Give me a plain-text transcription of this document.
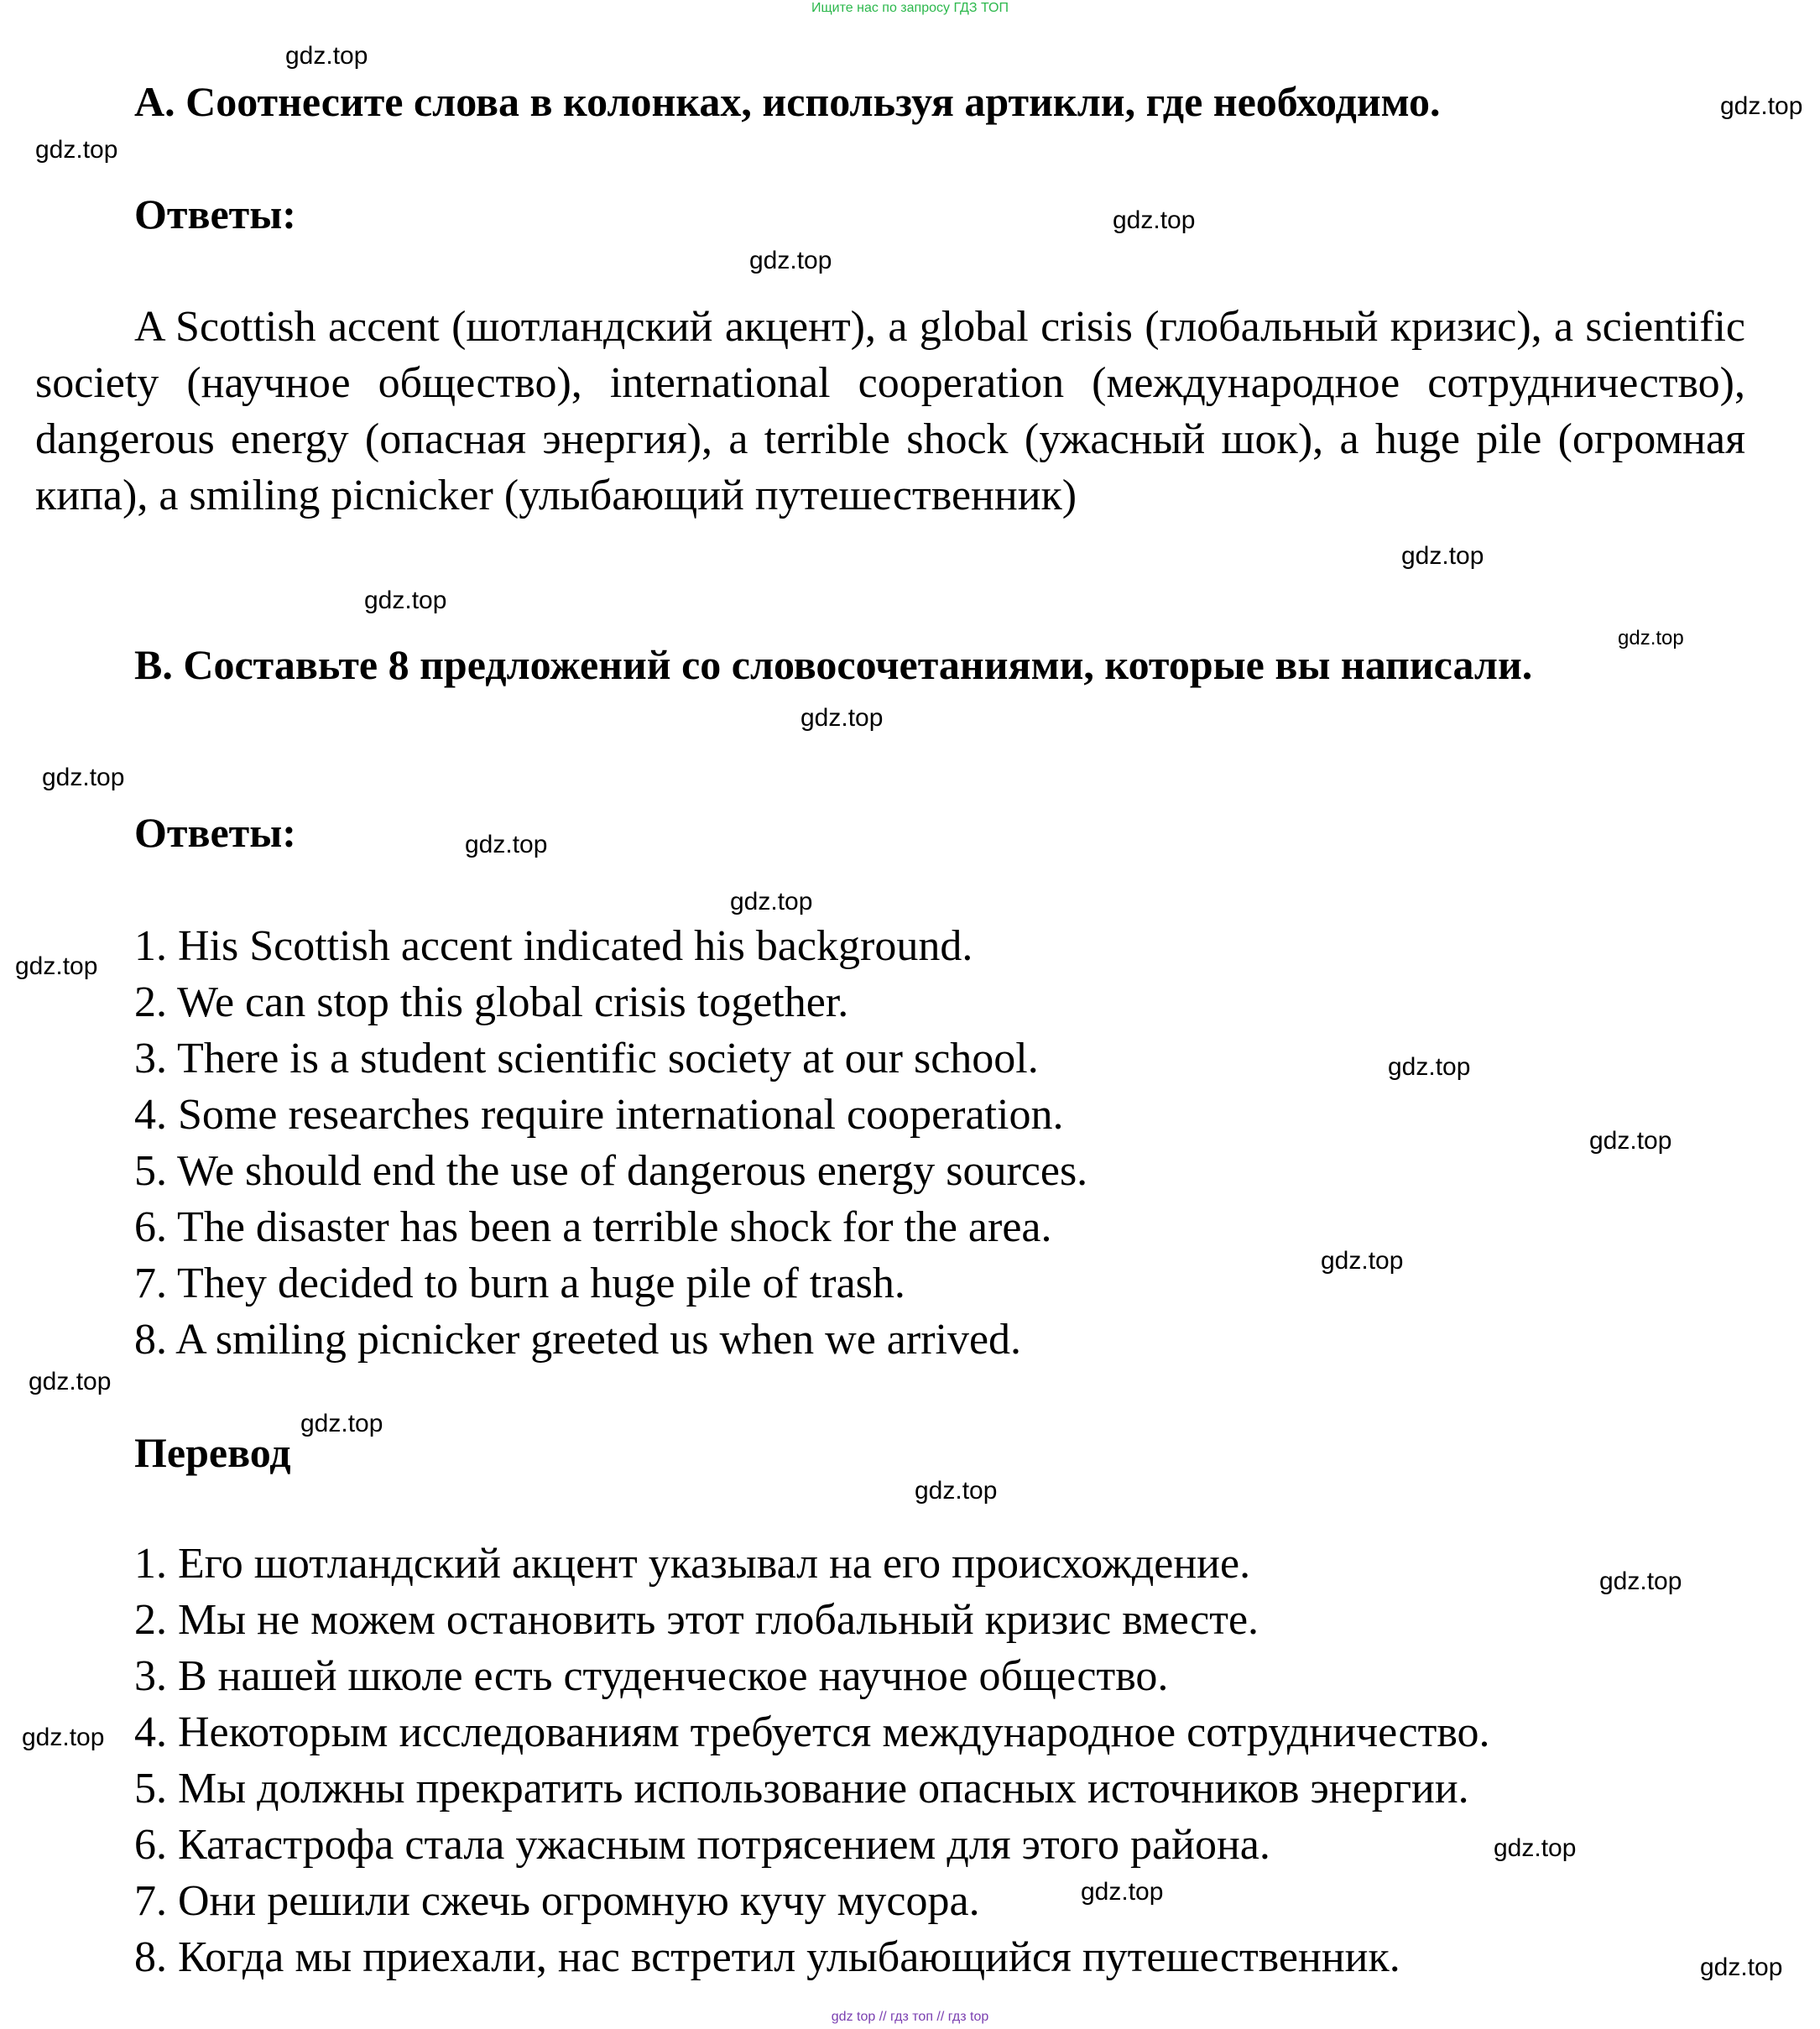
Ищите нас по запросу ГДЗ ТОП

A. Соотнесите слова в колонках, используя артикли, где необходимо.

Ответы:

A Scottish accent (шотландский акцент), a global crisis (глобальный кризис), a scientific society (научное общество), international cooperation (международное сотрудничество), dangerous energy (опасная энергия), a terrible shock (ужасный шок), a huge pile (огромная кипа), a smiling picnicker (улыбающий путешественник)

B. Составьте 8 предложений со словосочетаниями, которые вы написали.

Ответы:
1. His Scottish accent indicated his background.
2. We can stop this global crisis together.
3. There is a student scientific society at our school.
4. Some researches require international cooperation.
5. We should end the use of dangerous energy sources.
6. The disaster has been a terrible shock for the area.
7. They decided to burn a huge pile of trash.
8. A smiling picnicker greeted us when we arrived.
Перевод
1. Его шотландский акцент указывал на его происхождение.
2. Мы не можем остановить этот глобальный кризис вместе.
3. В нашей школе есть студенческое научное общество.
4. Некоторым исследованиям требуется международное сотрудничество.
5. Мы должны прекратить использование опасных источников энергии.
6. Катастрофа стала ужасным потрясением для этого района.
7. Они решили сжечь огромную кучу мусора.
8. Когда мы приехали, нас встретил улыбающийся путешественник.
gdz.top
gdz.top
gdz.top
gdz.top
gdz.top
gdz.top
gdz.top
gdz.top
gdz.top
gdz.top
gdz.top
gdz.top
gdz.top
gdz.top
gdz.top
gdz.top
gdz.top
gdz.top
gdz.top
gdz.top
gdz.top
gdz.top
gdz.top
gdz.top
gdz top // гдз топ // гдз top
